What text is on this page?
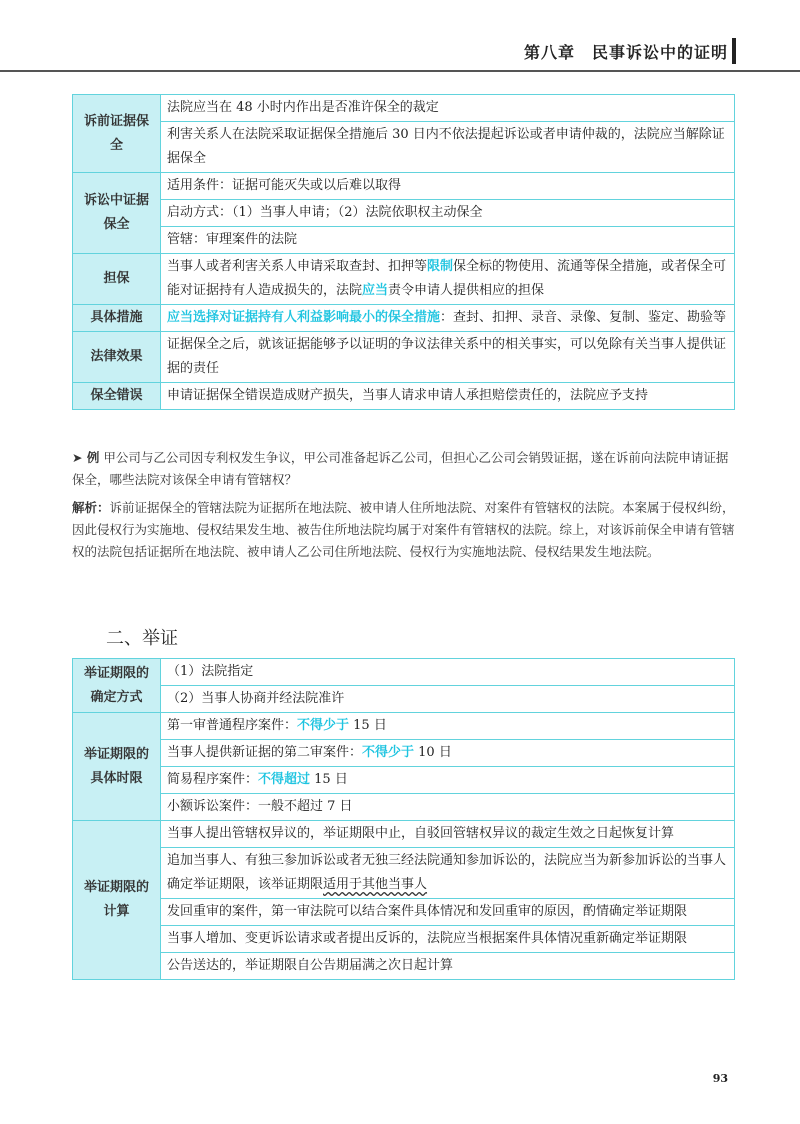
第八章　民事诉讼中的证明
诉前证据保全	法院应当在 48 小时内作出是否准许保全的裁定
	利害关系人在法院采取证据保全措施后 30 日内不依法提起诉讼或者申请仲裁的，法院应当解除证据保全
诉讼中证据保全	适用条件：证据可能灭失或以后难以取得
	启动方式：（1）当事人申请；（2）法院依职权主动保全
	管辖：审理案件的法院
担保	当事人或者利害关系人申请采取查封、扣押等限制保全标的物使用、流通等保全措施，或者保全可能对证据持有人造成损失的，法院应当责令申请人提供相应的担保
具体措施	应当选择对证据持有人利益影响最小的保全措施：查封、扣押、录音、录像、复制、鉴定、勘验等
法律效果	证据保全之后，就该证据能够予以证明的争议法律关系中的相关事实，可以免除有关当事人提供证据的责任
保全错误	申请证据保全错误造成财产损失，当事人请求申请人承担赔偿责任的，法院应予支持
➤ 例 甲公司与乙公司因专利权发生争议，甲公司准备起诉乙公司，但担心乙公司会销毁证据，遂在诉前向法院申请证据保全，哪些法院对该保全申请有管辖权？
解析：诉前证据保全的管辖法院为证据所在地法院、被申请人住所地法院、对案件有管辖权的法院。本案属于侵权纠纷，因此侵权行为实施地、侵权结果发生地、被告住所地法院均属于对案件有管辖权的法院。综上，对该诉前保全申请有管辖权的法院包括证据所在地法院、被申请人乙公司住所地法院、侵权行为实施地法院、侵权结果发生地法院。
二、举证
举证期限的确定方式	（1）法院指定
	（2）当事人协商并经法院准许
举证期限的具体时限	第一审普通程序案件：不得少于 15 日
	当事人提供新证据的第二审案件：不得少于 10 日
	简易程序案件：不得超过 15 日
	小额诉讼案件：一般不超过 7 日
举证期限的计算	当事人提出管辖权异议的，举证期限中止，自驳回管辖权异议的裁定生效之日起恢复计算
	追加当事人、有独三参加诉讼或者无独三经法院通知参加诉讼的，法院应当为新参加诉讼的当事人确定举证期限，该举证期限适用于其他当事人
	发回重审的案件，第一审法院可以结合案件具体情况和发回重审的原因，酌情确定举证期限
	当事人增加、变更诉讼请求或者提出反诉的，法院应当根据案件具体情况重新确定举证期限
	公告送达的，举证期限自公告期届满之次日起计算
93
